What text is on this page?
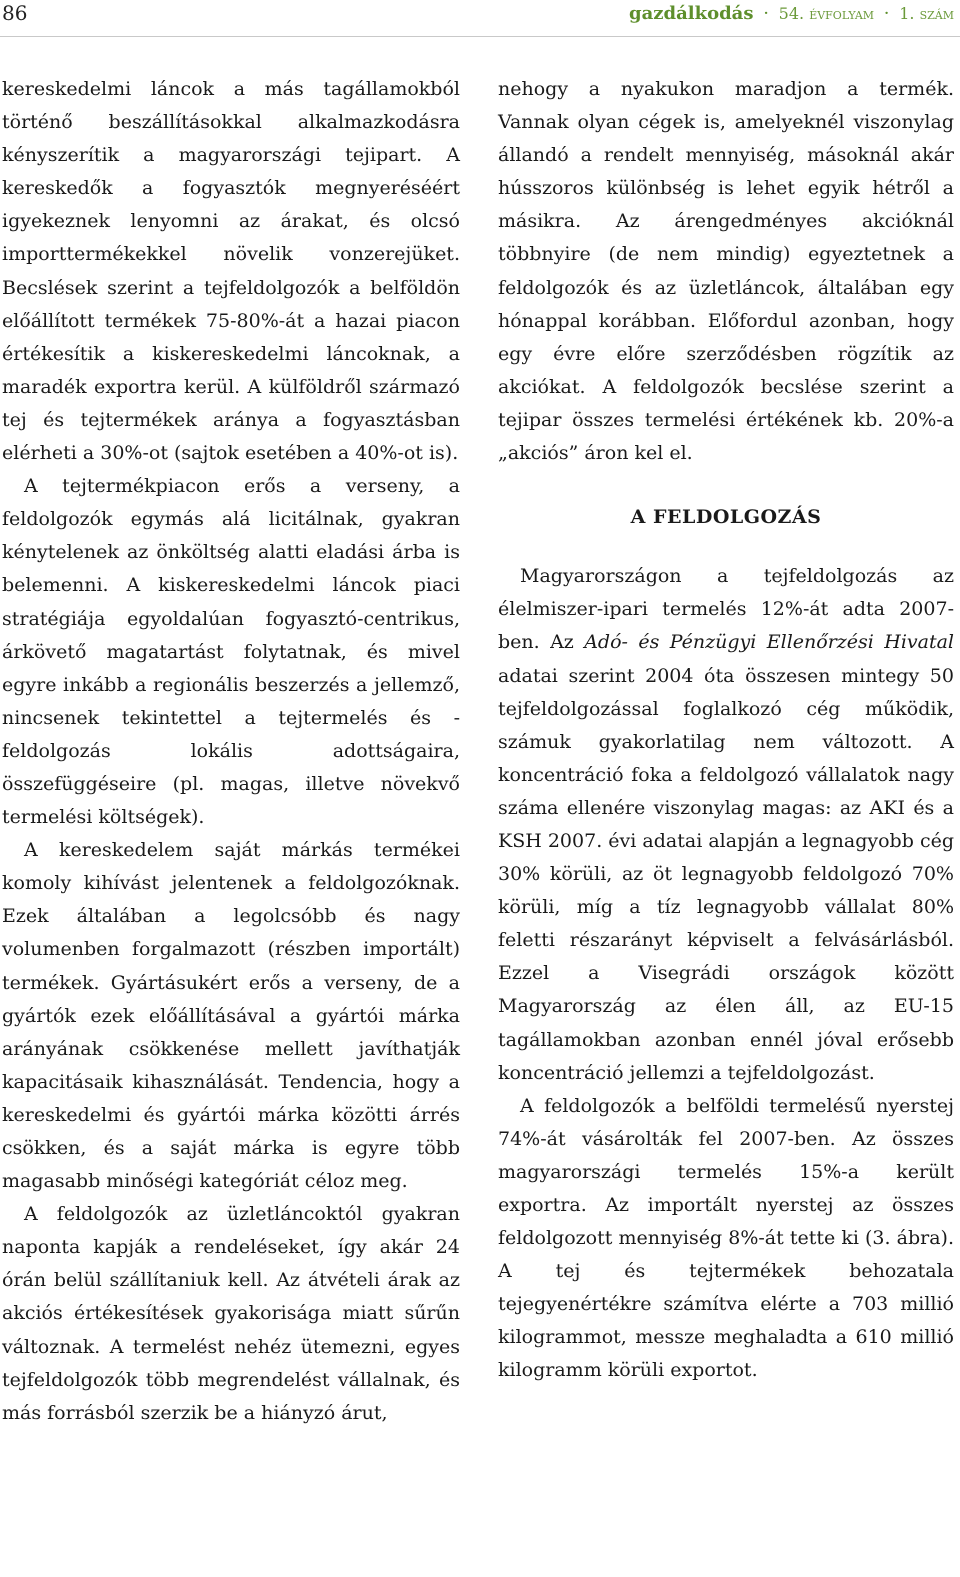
86	gazdálkodás · 54. évfolyam · 1. szám

kereskedelmi láncok a más tagállamokból történő beszállításokkal alkalmazkodásra kényszerítik a magyarországi tejipart. A kereskedők a fogyasztók megnyeréséért igyekeznek lenyomni az árakat, és olcsó importtermékekkel növelik vonzerejüket. Becslések szerint a tejfeldolgozók a belföldön előállított termékek 75-80%-át a hazai piacon értékesítik a kiskereskedelmi láncoknak, a maradék exportra kerül. A külföldről származó tej és tejtermékek aránya a fogyasztásban elérheti a 30%-ot (sajtok esetében a 40%-ot is).

A tejtermékpiacon erős a verseny, a feldolgozók egymás alá licitálnak, gyakran kénytelenek az önköltség alatti eladási árba is belemenni. A kiskereskedelmi láncok piaci stratégiája egyoldalúan fogyasztó-centrikus, árkövető magatartást folytatnak, és mivel egyre inkább a regionális beszerzés a jellemző, nincsenek tekintettel a tejtermelés és -feldolgozás lokális adottságaira, összefüggéseire (pl. magas, illetve növekvő termelési költségek).

A kereskedelem saját márkás termékei komoly kihívást jelentenek a feldolgozóknak. Ezek általában a legolcsóbb és nagy volumenben forgalmazott (részben importált) termékek. Gyártásukért erős a verseny, de a gyártók ezek előállításával a gyártói márka arányának csökkenése mellett javíthatják kapacitásaik kihasználását. Tendencia, hogy a kereskedelmi és gyártói márka közötti árrés csökken, és a saját márka is egyre több magasabb minőségi kategóriát céloz meg.

A feldolgozók az üzletláncoktól gyakran naponta kapják a rendeléseket, így akár 24 órán belül szállítaniuk kell. Az átvételi árak az akciós értékesítések gyakorisága miatt sűrűn változnak. A termelést nehéz ütemezni, egyes tejfeldolgozók több megrendelést vállalnak, és más forrásból szerzik be a hiányzó árut,

nehogy a nyakukon maradjon a termék. Vannak olyan cégek is, amelyeknél viszonylag állandó a rendelt mennyiség, másoknál akár hússzoros különbség is lehet egyik hétről a másikra. Az árengedményes akcióknál többnyire (de nem mindig) egyeztetnek a feldolgozók és az üzletláncok, általában egy hónappal korábban. Előfordul azonban, hogy egy évre előre szerződésben rögzítik az akciókat. A feldolgozók becslése szerint a tejipar összes termelési értékének kb. 20%-a „akciós” áron kel el.

A FELDOLGOZÁS

Magyarországon a tejfeldolgozás az élelmiszer-ipari termelés 12%-át adta 2007-ben. Az Adó- és Pénzügyi Ellenőrzési Hivatal adatai szerint 2004 óta összesen mintegy 50 tejfeldolgozással foglalkozó cég működik, számuk gyakorlatilag nem változott. A koncentráció foka a feldolgozó vállalatok nagy száma ellenére viszonylag magas: az AKI és a KSH 2007. évi adatai alapján a legnagyobb cég 30% körüli, az öt legnagyobb feldolgozó 70% körüli, míg a tíz legnagyobb vállalat 80% feletti részarányt képviselt a felvásárlásból. Ezzel a Visegrádi országok között Magyarország az élen áll, az EU-15 tagállamokban azonban ennél jóval erősebb koncentráció jellemzi a tejfeldolgozást.

A feldolgozók a belföldi termelésű nyerstej 74%-át vásárolták fel 2007-ben. Az összes magyarországi termelés 15%-a került exportra. Az importált nyerstej az összes feldolgozott mennyiség 8%-át tette ki (3. ábra). A tej és tejtermékek behozatala tejegyenértékre számítva elérte a 703 millió kilogrammot, messze meghaladta a 610 millió kilogramm körüli exportot.
